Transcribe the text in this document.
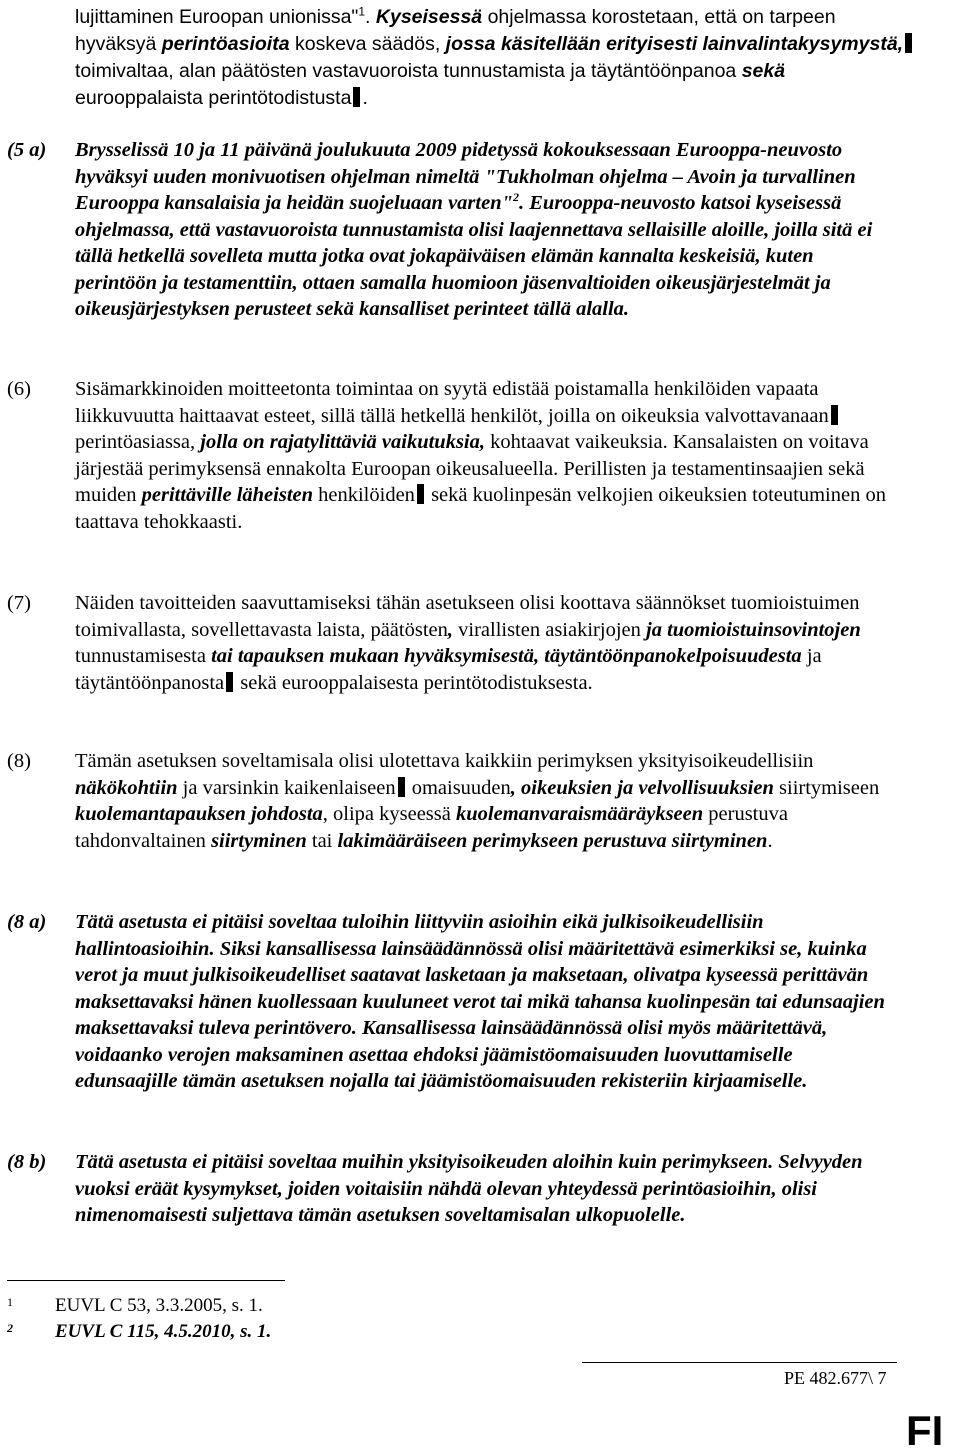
lujittaminen Euroopan unionissa"$^1$. Kyseisessä ohjelmassa korostetaan, että on tarpeen hyväksyä perintöasioita koskeva säädös, jossa käsitellään erityisesti lainvalintakysymystä, toimivaltaa, alan päätösten vastavuoroista tunnustamista ja täytäntöönpanoa sekä eurooppalaista perintötodistusta .
(5 a) Brysselissä 10 ja 11 päivänä joulukuuta 2009 pidetyssä kokouksessaan Eurooppa-neuvosto hyväksyi uuden monivuotisen ohjelman nimeltä "Tukholman ohjelma – Avoin ja turvallinen Eurooppa kansalaisia ja heidän suojeluaan varten"$^2$. Eurooppa-neuvosto katsoi kyseisessä ohjelmassa, että vastavuoroista tunnustamista olisi laajennettava sellaisille aloille, joilla sitä ei tällä hetkellä sovelleta mutta jotka ovat jokapäiväisen elämän kannalta keskeisiä, kuten perintöön ja testamenttiin, ottaen samalla huomioon jäsenvaltioiden oikeusjärjestelmät ja oikeusjärjestyksen perusteet sekä kansalliset perinteet tällä alalla.
(6) Sisämarkkinoiden moitteetonta toimintaa on syytä edistää poistamalla henkilöiden vapaata liikkuvuutta haittaavat esteet, sillä tällä hetkellä henkilöt, joilla on oikeuksia valvottavanaan perintöasiassa, jolla on rajatylittäviä vaikutuksia, kohtaavat vaikeuksia. Kansalaisten on voitava järjestää perimyksensä ennakolta Euroopan oikeusalueella. Perillisten ja testamentinsaajien sekä muiden perittäville läheisten henkilöiden sekä kuolinpesän velkojien oikeuksien toteutuminen on taattava tehokkaasti.
(7) Näiden tavoitteiden saavuttamiseksi tähän asetukseen olisi koottava säännökset tuomioistuimen toimivallasta, sovellettavasta laista, päätösten, virallisten asiakirjojen ja tuomioistuinsovintojen tunnustamisesta tai tapauksen mukaan hyväksymisestä, täytäntöönpanokelpoisuudesta ja täytäntöönpanosta sekä eurooppalaisesta perintötodistuksesta.
(8) Tämän asetuksen soveltamisala olisi ulotettava kaikkiin perimyksen yksityisoikeudellisiin näkökohtiin ja varsinkin kaikenlaiseen omaisuuden, oikeuksien ja velvollisuuksien siirtymiseen kuolemantapauksen johdosta, olipa kyseessä kuolemanvaraismääräykseen perustuva tahdonvaltainen siirtyminen tai lakimääräiseen perimykseen perustuva siirtyminen.
(8 a) Tätä asetusta ei pitäisi soveltaa tuloihin liittyviin asioihin eikä julkisoikeudellisiin hallintoasioihin. Siksi kansallisessa lainsäädännössä olisi määritettävä esimerkiksi se, kuinka verot ja muut julkisoikeudelliset saatavat lasketaan ja maksetaan, olivatpa kyseessä perittävän maksettavaksi hänen kuollessaan kuuluneet verot tai mikä tahansa kuolinpesän tai edunsaajien maksettavaksi tuleva perintövero. Kansallisessa lainsäädännössä olisi myös määritettävä, voidaanko verojen maksaminen asettaa ehdoksi jäämistöomaisuuden luovuttamiselle edunsaajille tämän asetuksen nojalla tai jäämistöomaisuuden rekisteriin kirjaamiselle.
(8 b) Tätä asetusta ei pitäisi soveltaa muihin yksityisoikeuden aloihin kuin perimykseen. Selvyyden vuoksi eräät kysymykset, joiden voitaisiin nähdä olevan yhteydessä perintöasioihin, olisi nimenomaisesti suljettava tämän asetuksen soveltamisalan ulkopuolelle.
1 EUVL C 53, 3.3.2005, s. 1.
2 EUVL C 115, 4.5.2010, s. 1.
PE 482.677\ 7
FI
